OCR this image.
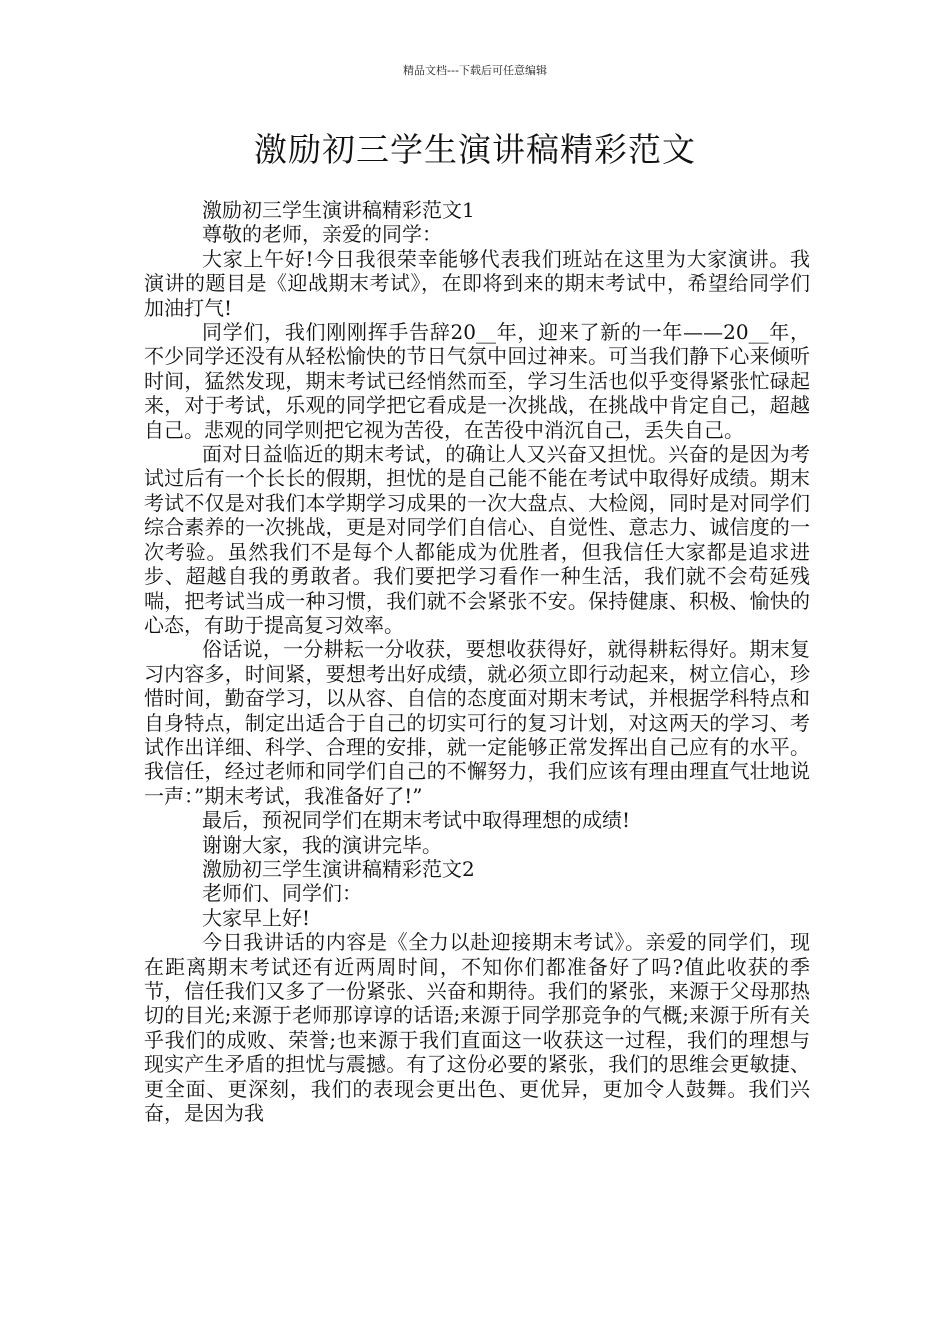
精品文档---下载后可任意编辑
激励初三学生演讲稿精彩范文

激励初三学生演讲稿精彩范文1

尊敬的老师，亲爱的同学：

大家上午好!今日我很荣幸能够代表我们班站在这里为大家演讲。我演讲的题目是《迎战期末考试》，在即将到来的期末考试中，希望给同学们加油打气!

同学们，我们刚刚挥手告辞20__年，迎来了新的一年——20__年，不少同学还没有从轻松愉快的节日气氛中回过神来。可当我们静下心来倾听时间，猛然发现，期末考试已经悄然而至，学习生活也似乎变得紧张忙碌起来，对于考试，乐观的同学把它看成是一次挑战，在挑战中肯定自己，超越自己。悲观的同学则把它视为苦役，在苦役中消沉自己，丢失自己。

面对日益临近的期末考试，的确让人又兴奋又担忧。兴奋的是因为考试过后有一个长长的假期，担忧的是自己能不能在考试中取得好成绩。期末考试不仅是对我们本学期学习成果的一次大盘点、大检阅，同时是对同学们综合素养的一次挑战，更是对同学们自信心、自觉性、意志力、诚信度的一次考验。虽然我们不是每个人都能成为优胜者，但我信任大家都是追求进步、超越自我的勇敢者。我们要把学习看作一种生活，我们就不会苟延残喘，把考试当成一种习惯，我们就不会紧张不安。保持健康、积极、愉快的心态，有助于提高复习效率。

俗话说，一分耕耘一分收获，要想收获得好，就得耕耘得好。期末复习内容多，时间紧，要想考出好成绩，就必须立即行动起来，树立信心，珍惜时间，勤奋学习，以从容、自信的态度面对期末考试，并根据学科特点和自身特点，制定出适合于自己的切实可行的复习计划，对这两天的学习、考试作出详细、科学、合理的安排，就一定能够正常发挥出自己应有的水平。我信任，经过老师和同学们自己的不懈努力，我们应该有理由理直气壮地说一声：”期末考试，我准备好了!”

最后，预祝同学们在期末考试中取得理想的成绩!

谢谢大家，我的演讲完毕。

激励初三学生演讲稿精彩范文2

老师们、同学们：

大家早上好!

今日我讲话的内容是《全力以赴迎接期末考试》。亲爱的同学们，现在距离期末考试还有近两周时间，不知你们都准备好了吗?值此收获的季节，信任我们又多了一份紧张、兴奋和期待。我们的紧张，来源于父母那热切的目光;来源于老师那谆谆的话语;来源于同学那竞争的气概;来源于所有关乎我们的成败、荣誉;也来源于我们直面这一收获这一过程，我们的理想与现实产生矛盾的担忧与震撼。有了这份必要的紧张，我们的思维会更敏捷、更全面、更深刻，我们的表现会更出色、更优异，更加令人鼓舞。我们兴奋，是因为我
